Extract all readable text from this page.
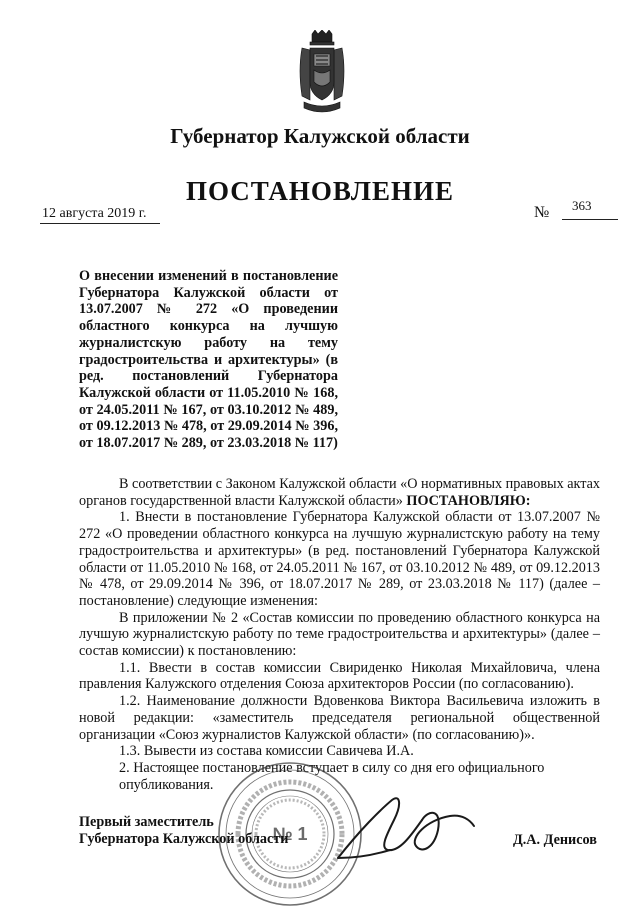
Губернатор Калужской области
ПОСТАНОВЛЕНИЕ
12 августа 2019 г.	№ 363
О внесении изменений в постановление Губернатора Калужской области от 13.07.2007 № 272 «О проведении областного конкурса на лучшую журналистскую работу на тему градостроительства и архитектуры» (в ред. постановлений Губернатора Калужской области от 11.05.2010 № 168, от 24.05.2011 № 167, от 03.10.2012 № 489, от 09.12.2013 № 478, от 29.09.2014 № 396, от 18.07.2017 № 289, от 23.03.2018 № 117)

В соответствии с Законом Калужской области «О нормативных правовых актах органов государственной власти Калужской области» ПОСТАНОВЛЯЮ:

1. Внести в постановление Губернатора Калужской области от 13.07.2007 № 272 «О проведении областного конкурса на лучшую журналистскую работу на тему градостроительства и архитектуры» (в ред. постановлений Губернатора Калужской области от 11.05.2010 № 168, от 24.05.2011 № 167, от 03.10.2012 № 489, от 09.12.2013 № 478, от 29.09.2014 № 396, от 18.07.2017 № 289, от 23.03.2018 № 117) (далее – постановление) следующие изменения:

В приложении № 2 «Состав комиссии по проведению областного конкурса на лучшую журналистскую работу по теме градостроительства и архитектуры» (далее – состав комиссии) к постановлению:

1.1. Ввести в состав комиссии Свириденко Николая Михайловича, члена правления Калужского отделения Союза архитекторов России (по согласованию).

1.2. Наименование должности Вдовенкова Виктора Васильевича изложить в новой редакции: «заместитель председателя региональной общественной организации «Союз журналистов Калужской области» (по согласованию)».

1.3. Вывести из состава комиссии Савичева И.А.

2. Настоящее постановление вступает в силу со дня его официального

опубликования.

№ 1
Первый заместитель
Губернатора Калужской области	Д.А. Денисов
